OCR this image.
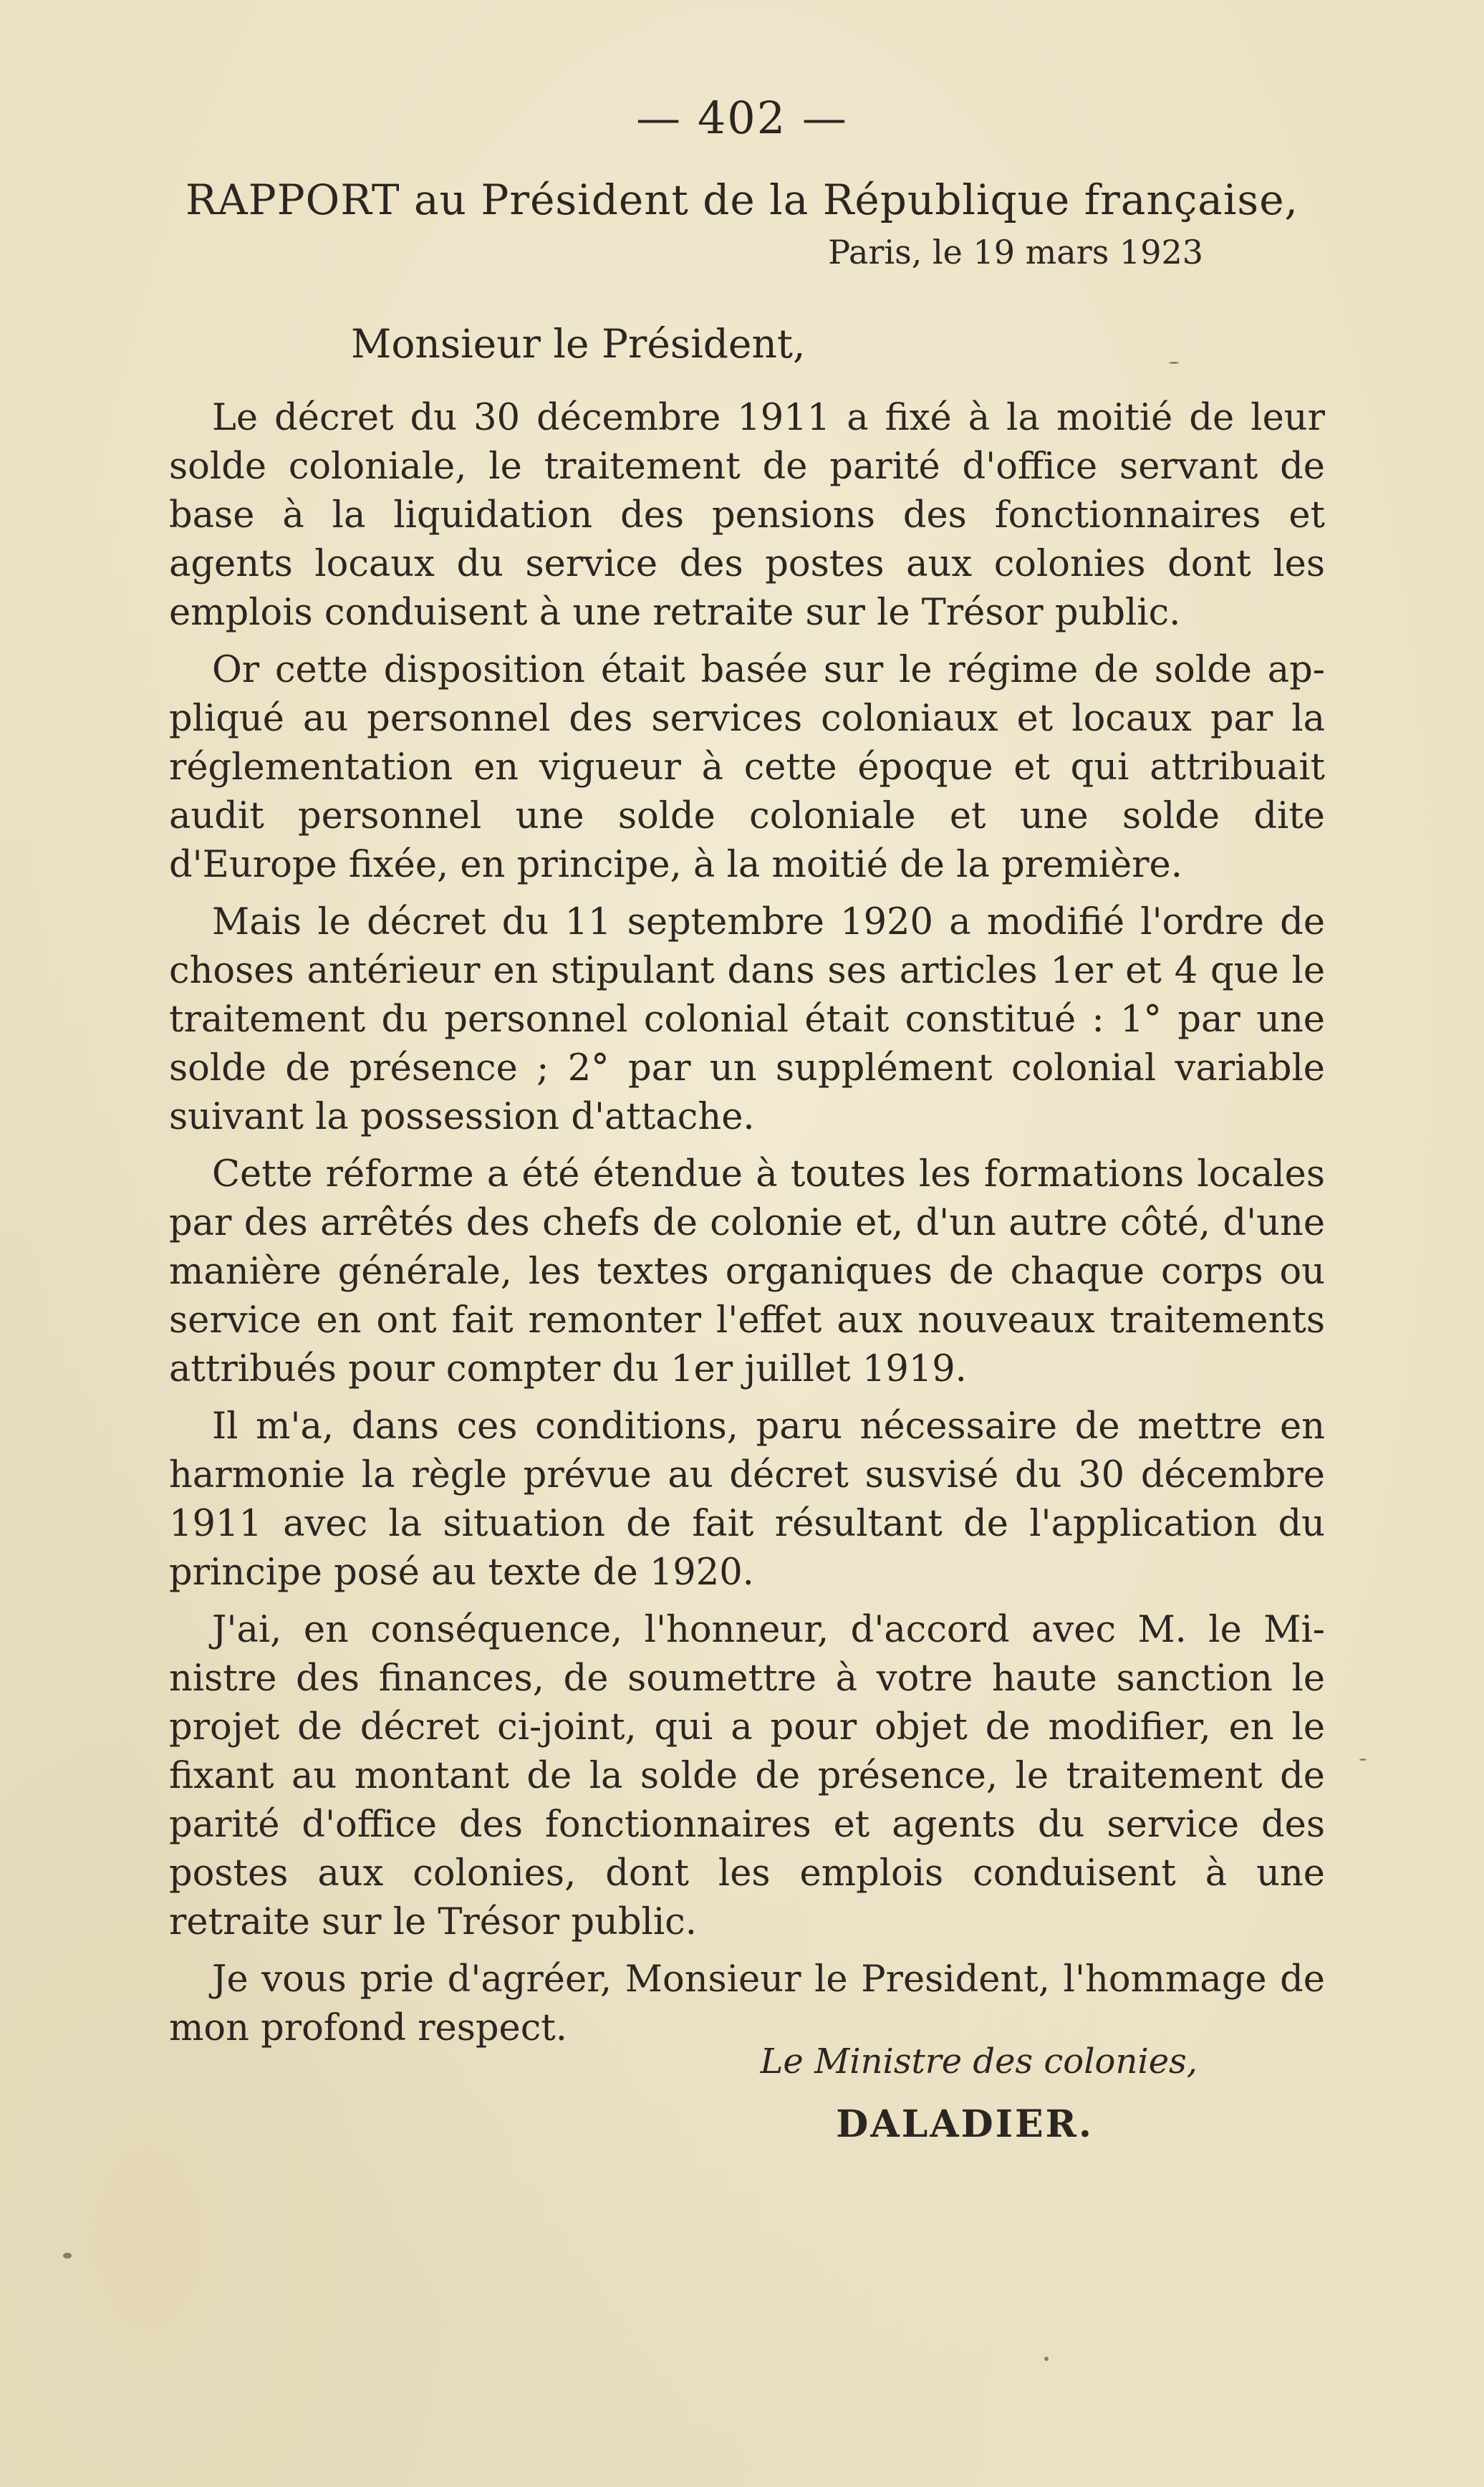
— 402 —
RAPPORT au Président de la République française,
Paris, le 19 mars 1923
Monsieur le Président,

Le décret du 30 décembre 1911 a fixé à la moitié de leur solde coloniale, le traitement de parité d'office servant de base à la liquidation des pensions des fonctionnaires et agents locaux du service des postes aux colonies dont les emplois conduisent à une retraite sur le Trésor public.

Or cette disposition était basée sur le régime de solde appliqué au personnel des services coloniaux et locaux par la réglementation en vigueur à cette époque et qui attribuait audit personnel une solde coloniale et une solde dite d'Europe fixée, en principe, à la moitié de la première.

Mais le décret du 11 septembre 1920 a modifié l'ordre de choses antérieur en stipulant dans ses articles 1er et 4 que le traitement du personnel colonial était constitué : 1° par une solde de présence ; 2° par un supplément colonial variable suivant la possession d'attache.

Cette réforme a été étendue à toutes les formations locales par des arrêtés des chefs de colonie et, d'un autre côté, d'une manière générale, les textes organiques de chaque corps ou service en ont fait remonter l'effet aux nouveaux traitements attribués pour compter du 1er juillet 1919.

Il m'a, dans ces conditions, paru nécessaire de mettre en harmonie la règle prévue au décret susvisé du 30 décembre 1911 avec la situation de fait résultant de l'application du principe posé au texte de 1920.

J'ai, en conséquence, l'honneur, d'accord avec M. le Ministre des finances, de soumettre à votre haute sanction le projet de décret ci-joint, qui a pour objet de modifier, en le fixant au montant de la solde de présence, le traitement de parité d'office des fonctionnaires et agents du service des postes aux colonies, dont les emplois conduisent à une retraite sur le Trésor public.

Je vous prie d'agréer, Monsieur le President, l'hommage de mon profond respect.

Le Ministre des colonies,
DALADIER.
